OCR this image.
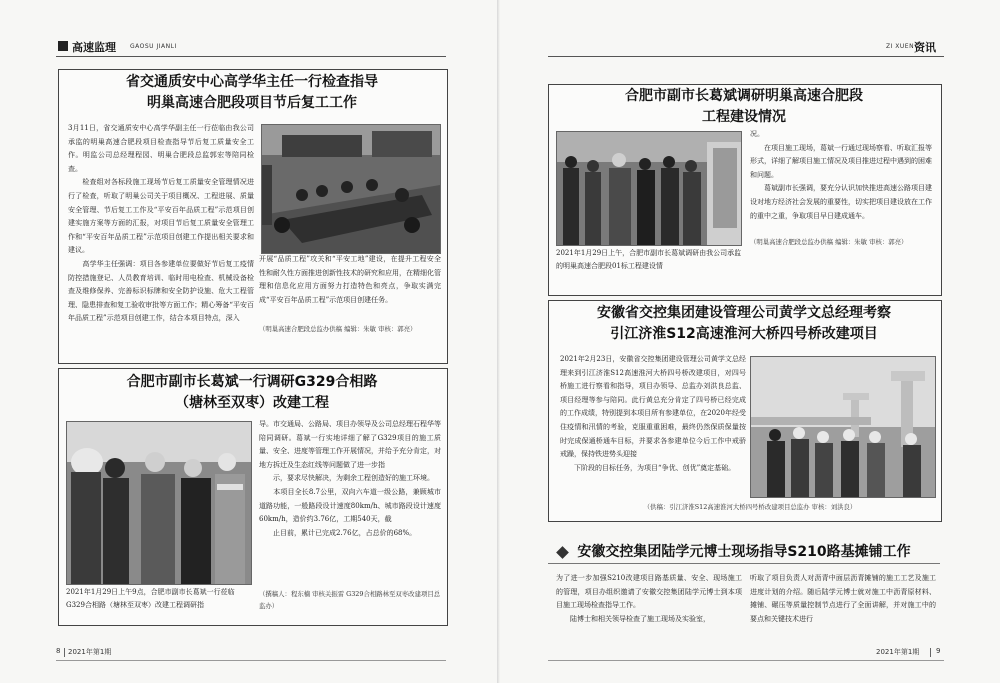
高速监理 GAOSU JIANLI
省交通质安中心高学华主任一行检查指导
明巢高速合肥段项目节后复工工作
3月11日，省交通质安中心高学华副主任一行莅临由我公司承监的明巢高速合肥段项目检查指导节后复工质量安全工作。明监公司总经理程园、明巢合肥段总监郭宏等陪同检查。
　　检查组对各标段施工现场节后复工质量安全管理情况进行了检查，听取了明巢公司关于项目概况、工程进展、质量安全管理、节后复工工作及“平安百年品质工程”示范项目创建实施方案等方面的汇报，对项目节后复工质量安全管理工作和“平安百年品质工程”示范项目创建工作提出相关要求和建议。
　　高学华主任强调：项目各参建单位要做好节后复工疫情防控措施登记、人员教育培训、临时用电检查、机械设备检查及维修保养、完善标识标牌和安全防护设施、危大工程管理、隐患排查和复工验收审批等方面工作；精心筹备“平安百年品质工程”示范项目创建工作，结合本项目特点，深入
开展“品质工程”攻关和“平安工地”建设，在提升工程安全性和耐久性方面推进创新性技术的研究和应用，在精细化管理和信息化应用方面努力打造特色和亮点，争取实满完成“平安百年品质工程”示范项目创建任务。
（明巢高速合肥段总监办供稿 编辑：朱敏 审核：郭亮）
合肥市副市长葛斌一行调研G329合相路
（塘林至双枣）改建工程
2021年1月29日上午9点，合肥市副市长葛斌一行莅临G329合相路（塘林至双枣）改建工程调研指
导。市交通局、公路局、项目办领导及公司总经理石程华等陪同调研。葛斌一行实地详细了解了G329项目的施工质量、安全、进度等管理工作开展情况，并给予充分肯定，对地方拆迁及生态红线等问题做了进一步指
　　示，要求尽快解决，为剩余工程创造好的施工环境。
　　本项目全长8.7公里，双向六车道一级公路，兼顾城市道路功能，一般路段设计速度80km/h、城市路段设计速度60km/h，造价约3.76亿，工期540天，截
　　止目前，累计已完成2.76亿，占总价的68%。
（撰稿人：程东楠 审核关振雷 G329合相路林至双枣改建项目总监办）
8 2021年第1期
ZI XUEN 资讯
合肥市副市长葛斌调研明巢高速合肥段
工程建设情况
2021年1月29日上午，合肥市副市长葛斌调研由我公司承监的明巢高速合肥段01标工程建设情
况。
　　在项目施工现场，葛斌一行通过现场察看、听取汇报等形式，详细了解项目施工情况及项目推进过程中遇到的困难和问题。
　　葛斌副市长强调，要充分认识加快推进高速公路项目建设对地方经济社会发展的重要性，切实把项目建设放在工作的重中之重，争取项目早日建成通车。
（明巢高速合肥段总监办供稿 编辑：朱敏 审核：郭亮）
安徽省交控集团建设管理公司黄学文总经理考察
引江济淮S12高速淮河大桥四号桥改建项目
2021年2月23日，安徽省交控集团建设管理公司黄学文总经理来到引江济淮S12高速淮河大桥四号桥改建项目，对四号桥施工进行察看和指导，项目办领导、总监办刘洪良总监、项目经理等参与陪同。此行黄总充分肯定了四号桥已经完成的工作成绩，特别提到本项目所有参建单位，在2020年经受住疫情和汛情的考验，克服重重困难，最终仍然保质保量按时完成保通桥通车目标，并要求各参建单位今后工作中戒骄戒躁，保持铁进势头迎接
　　下阶段的目标任务，为项目“争优、创优”奠定基础。
（供稿：引江济淮S12高速淮河大桥四号桥改建项目总监办 审核：刘洪良）
安徽交控集团陆学元博士现场指导S210路基摊铺工作
为了进一步加强S210改建项目路基质量、安全、现场施工的管理，项目办组织邀请了安徽交控集团陆学元博士到本项目施工现场检查指导工作。
　　陆博士和相关领导检查了施工现场及实验室，
听取了项目负责人对沥青中面层沥青摊铺的施工工艺及施工进度计划的介绍。随后陆学元博士就对施工中沥青原材料、摊铺、碾压等质量控制节点进行了全面讲解，并对施工中的要点和关键技术进行
2021年第1期 9
